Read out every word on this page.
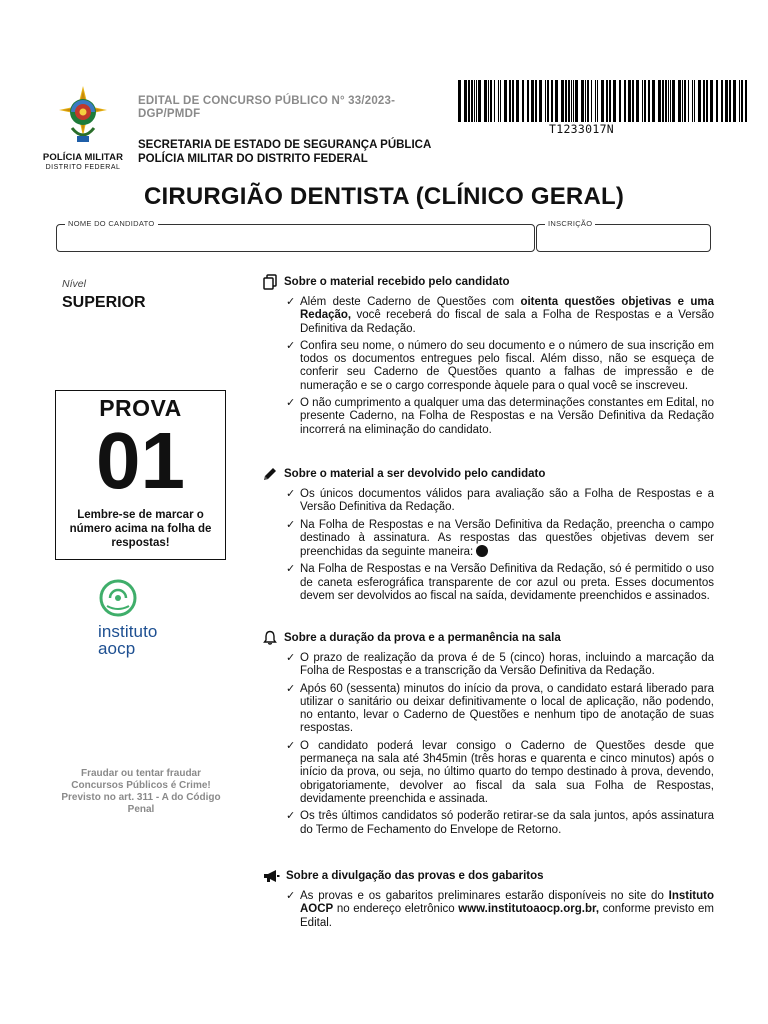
POLÍCIA MILITAR
DISTRITO FEDERAL
EDITAL DE CONCURSO PÚBLICO N° 33/2023-DGP/PMDF
SECRETARIA DE ESTADO DE SEGURANÇA PÚBLICA
POLÍCIA MILITAR DO DISTRITO FEDERAL
T1233017N
CIRURGIÃO DENTISTA (CLÍNICO GERAL)
NOME DO CANDIDATO	INSCRIÇÃO
Nível
SUPERIOR
PROVA
01
Lembre-se de marcar o número acima na folha de respostas!
instituto
aocp
Fraudar ou tentar fraudar Concursos Públicos é Crime! Previsto no art. 311 - A do Código Penal
Sobre o material recebido pelo candidato
✓ Além deste Caderno de Questões com oitenta questões objetivas e uma Redação, você receberá do fiscal de sala a Folha de Respostas e a Versão Definitiva da Redação.
✓ Confira seu nome, o número do seu documento e o número de sua inscrição em todos os documentos entregues pelo fiscal. Além disso, não se esqueça de conferir seu Caderno de Questões quanto a falhas de impressão e de numeração e se o cargo corresponde àquele para o qual você se inscreveu.
✓ O não cumprimento a qualquer uma das determinações constantes em Edital, no presente Caderno, na Folha de Respostas e na Versão Definitiva da Redação incorrerá na eliminação do candidato.
Sobre o material a ser devolvido pelo candidato
✓ Os únicos documentos válidos para avaliação são a Folha de Respostas e a Versão Definitiva da Redação.
✓ Na Folha de Respostas e na Versão Definitiva da Redação, preencha o campo destinado à assinatura. As respostas das questões objetivas devem ser preenchidas da seguinte maneira:
✓ Na Folha de Respostas e na Versão Definitiva da Redação, só é permitido o uso de caneta esferográfica transparente de cor azul ou preta. Esses documentos devem ser devolvidos ao fiscal na saída, devidamente preenchidos e assinados.
Sobre a duração da prova e a permanência na sala
✓ O prazo de realização da prova é de 5 (cinco) horas, incluindo a marcação da Folha de Respostas e a transcrição da Versão Definitiva da Redação.
✓ Após 60 (sessenta) minutos do início da prova, o candidato estará liberado para utilizar o sanitário ou deixar definitivamente o local de aplicação, não podendo, no entanto, levar o Caderno de Questões e nenhum tipo de anotação de suas respostas.
✓ O candidato poderá levar consigo o Caderno de Questões desde que permaneça na sala até 3h45min (três horas e quarenta e cinco minutos) após o início da prova, ou seja, no último quarto do tempo destinado à prova, devendo, obrigatoriamente, devolver ao fiscal da sala sua Folha de Respostas, devidamente preenchida e assinada.
✓ Os três últimos candidatos só poderão retirar-se da sala juntos, após assinatura do Termo de Fechamento do Envelope de Retorno.
Sobre a divulgação das provas e dos gabaritos
✓ As provas e os gabaritos preliminares estarão disponíveis no site do Instituto AOCP no endereço eletrônico www.institutoaocp.org.br, conforme previsto em Edital.
